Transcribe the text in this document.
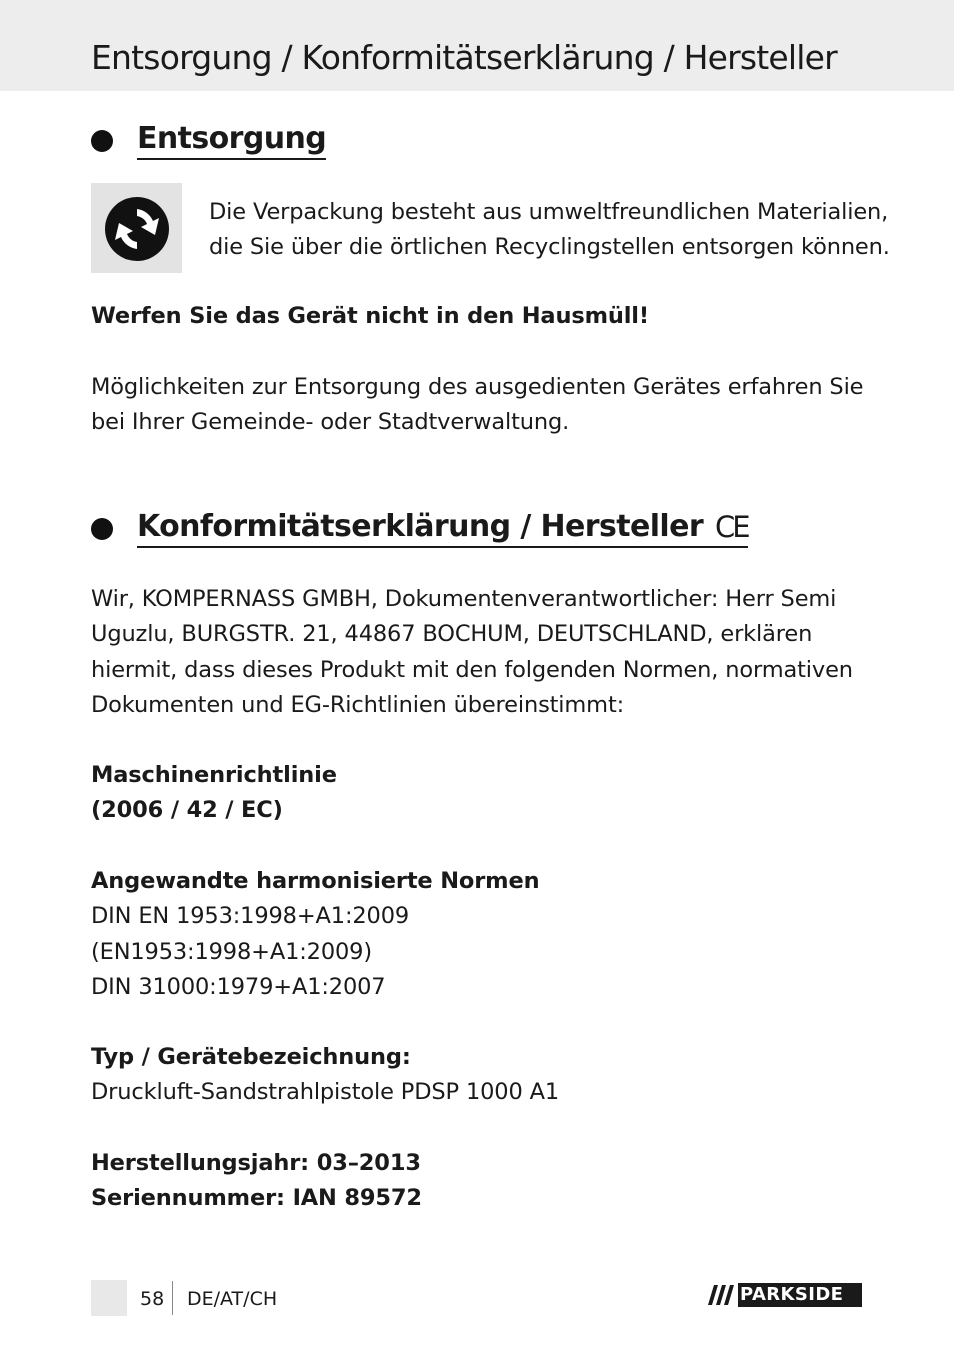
Entsorgung / Konformitätserklärung / Hersteller
Entsorgung
Die Verpackung besteht aus umweltfreundlichen Materialien,
die Sie über die örtlichen Recyclingstellen entsorgen können.
Werfen Sie das Gerät nicht in den Hausmüll!
Möglichkeiten zur Entsorgung des ausgedienten Gerätes erfahren Sie
bei Ihrer Gemeinde- oder Stadtverwaltung.
Konformitätserklärung / Hersteller CE
Wir, KOMPERNASS GMBH, Dokumentenverantwortlicher: Herr Semi
Uguzlu, BURGSTR. 21, 44867 BOCHUM, DEUTSCHLAND, erklären
hiermit, dass dieses Produkt mit den folgenden Normen, normativen
Dokumenten und EG-Richtlinien übereinstimmt:
Maschinenrichtlinie
(2006 / 42 / EC)
Angewandte harmonisierte Normen
DIN EN 1953:1998+A1:2009
(EN1953:1998+A1:2009)
DIN 31000:1979+A1:2007
Typ / Gerätebezeichnung:
Druckluft-Sandstrahlpistole PDSP 1000 A1
Herstellungsjahr: 03–2013
Seriennummer: IAN 89572
58 DE/AT/CH	PARKSIDE
